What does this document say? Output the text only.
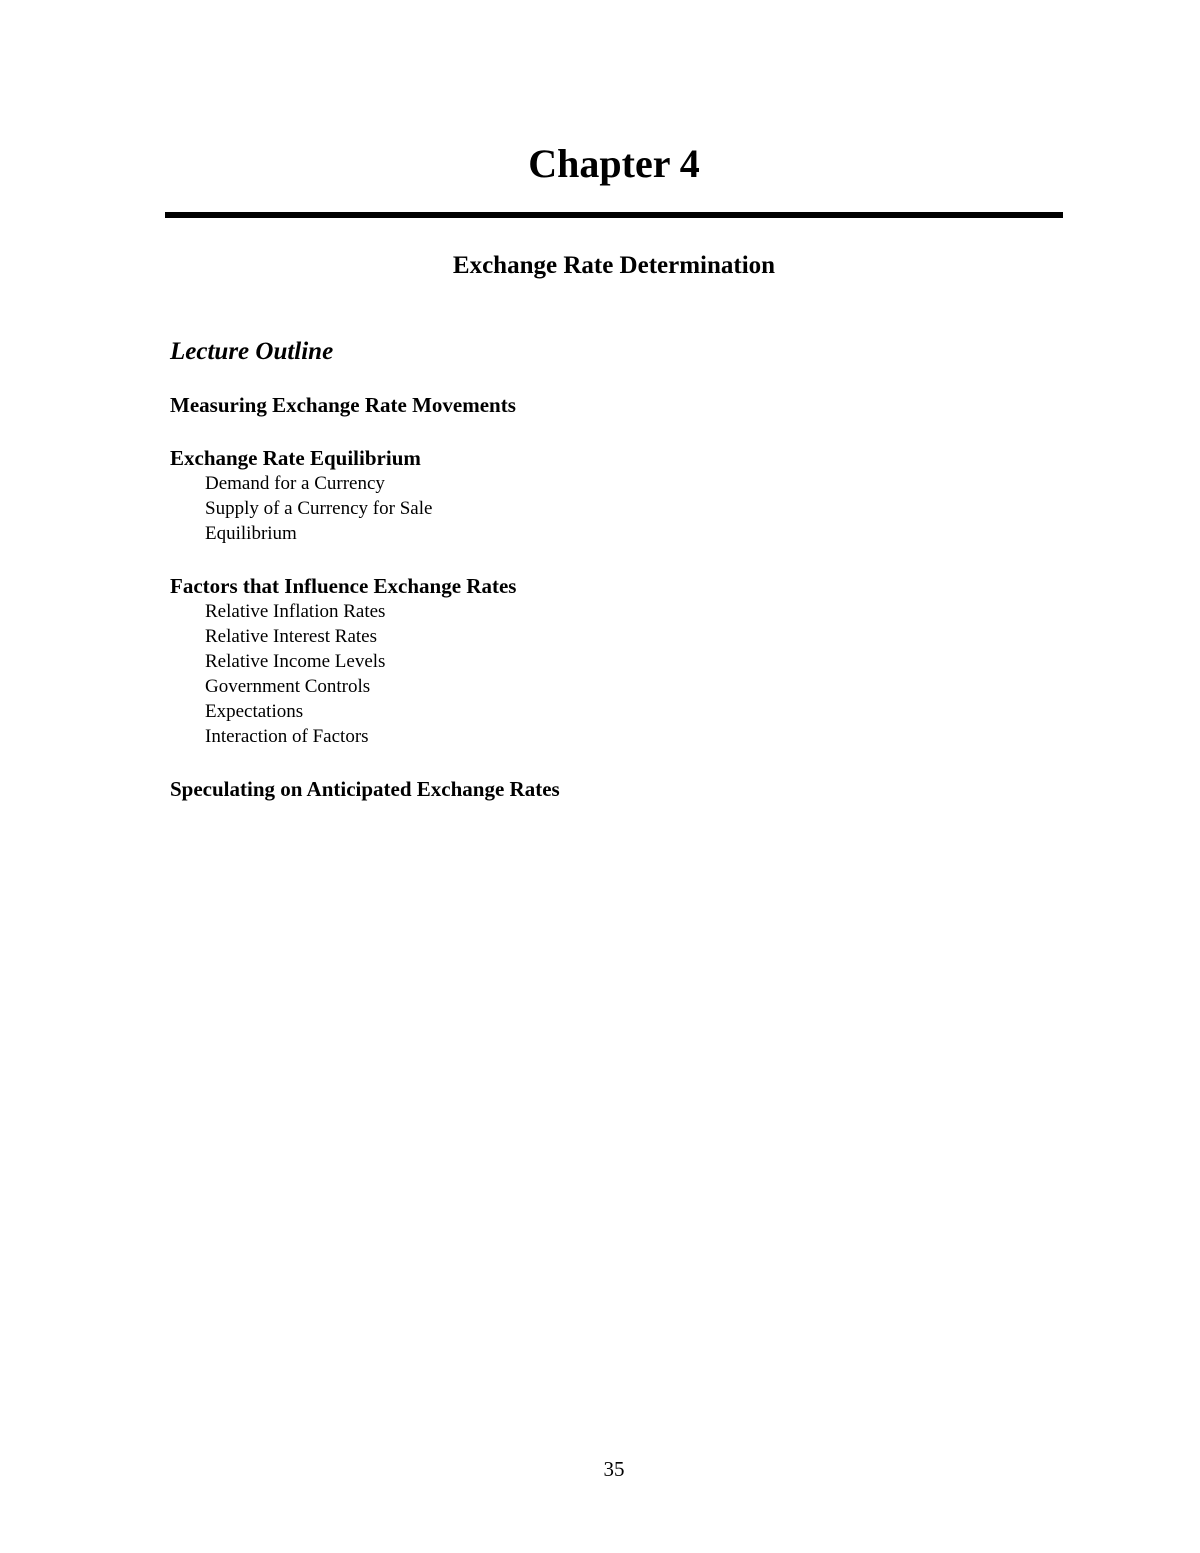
Chapter 4
Exchange Rate Determination
Lecture Outline
Measuring Exchange Rate Movements
Exchange Rate Equilibrium
Demand for a Currency
Supply of a Currency for Sale
Equilibrium
Factors that Influence Exchange Rates
Relative Inflation Rates
Relative Interest Rates
Relative Income Levels
Government Controls
Expectations
Interaction of Factors
Speculating on Anticipated Exchange Rates
35
